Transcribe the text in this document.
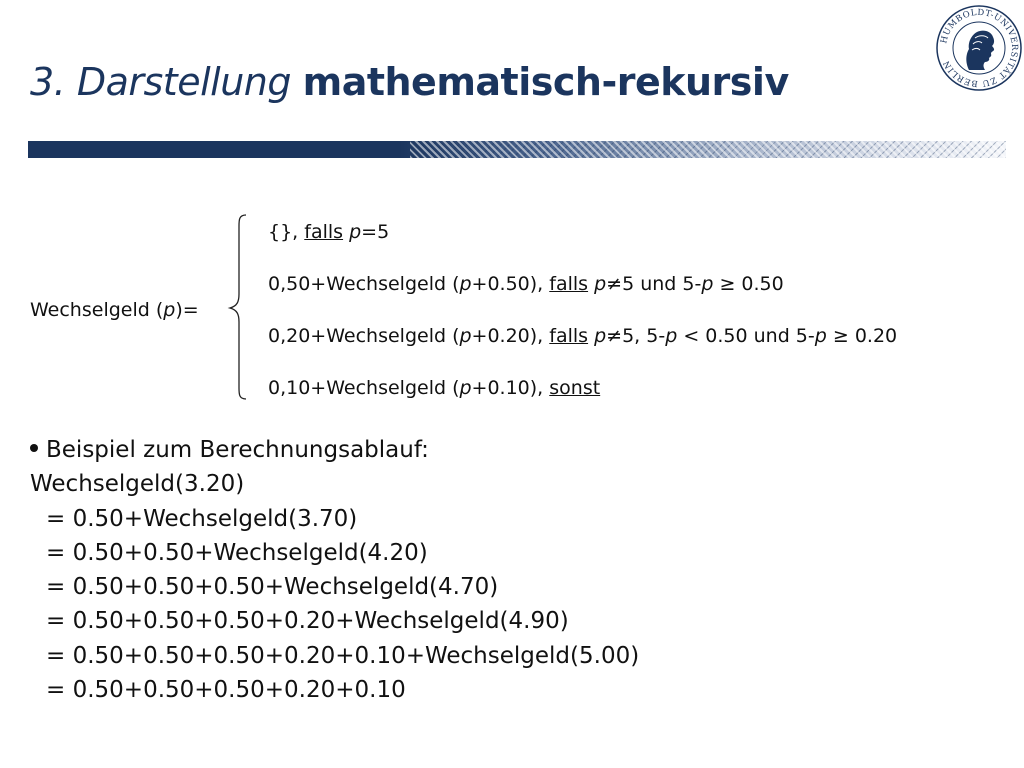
3. Darstellung mathematisch-rekursiv
HUMBOLDT-UNIVERSITÄT ZU BERLIN
Wechselgeld (p)=
{}, falls p=5
0,50+Wechselgeld (p+0.50), falls p≠5 und 5-p ≥ 0.50
0,20+Wechselgeld (p+0.20), falls p≠5, 5-p < 0.50 und 5-p ≥ 0.20
0,10+Wechselgeld (p+0.10), sonst
Beispiel zum Berechnungsablauf:
Wechselgeld(3.20)
= 0.50+Wechselgeld(3.70)
= 0.50+0.50+Wechselgeld(4.20)
= 0.50+0.50+0.50+Wechselgeld(4.70)
= 0.50+0.50+0.50+0.20+Wechselgeld(4.90)
= 0.50+0.50+0.50+0.20+0.10+Wechselgeld(5.00)
= 0.50+0.50+0.50+0.20+0.10
